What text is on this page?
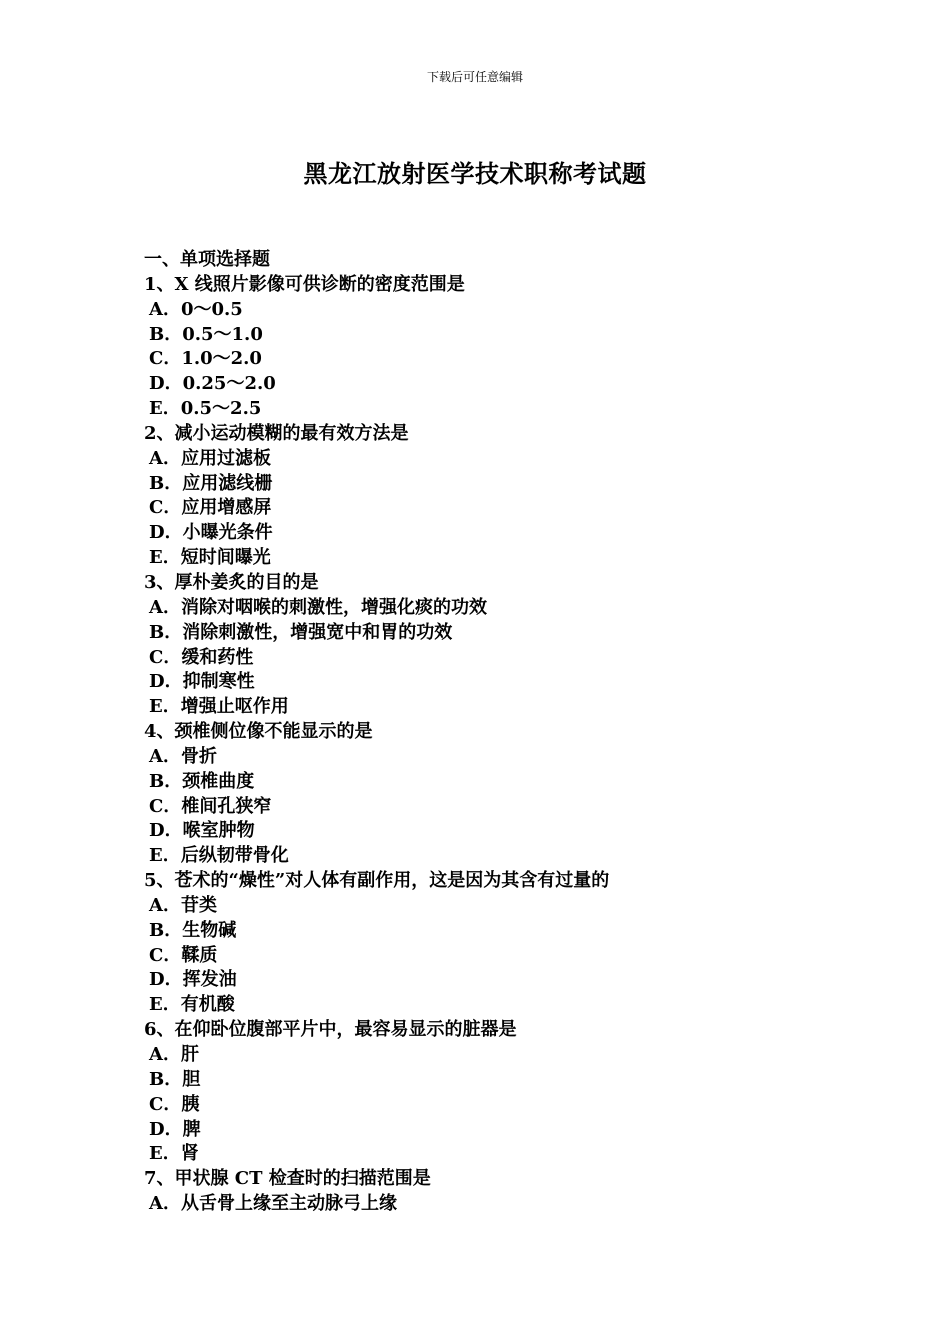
下载后可任意编辑
黑龙江放射医学技术职称考试题
一、单项选择题
1、X 线照片影像可供诊断的密度范围是
A．0～0.5
B．0.5～1.0
C．1.0～2.0
D．0.25～2.0
E．0.5～2.5
2、减小运动模糊的最有效方法是
A．应用过滤板
B．应用滤线栅
C．应用增感屏
D．小曝光条件
E．短时间曝光
3、厚朴姜炙的目的是
A．消除对咽喉的刺激性，增强化痰的功效
B．消除刺激性，增强宽中和胃的功效
C．缓和药性
D．抑制寒性
E．增强止呕作用
4、颈椎侧位像不能显示的是
A．骨折
B．颈椎曲度
C．椎间孔狭窄
D．喉室肿物
E．后纵韧带骨化
5、苍术的“燥性”对人体有副作用，这是因为其含有过量的
A．苷类
B．生物碱
C．鞣质
D．挥发油
E．有机酸
6、在仰卧位腹部平片中，最容易显示的脏器是
A．肝
B．胆
C．胰
D．脾
E．肾
7、甲状腺 CT 检查时的扫描范围是
A．从舌骨上缘至主动脉弓上缘
